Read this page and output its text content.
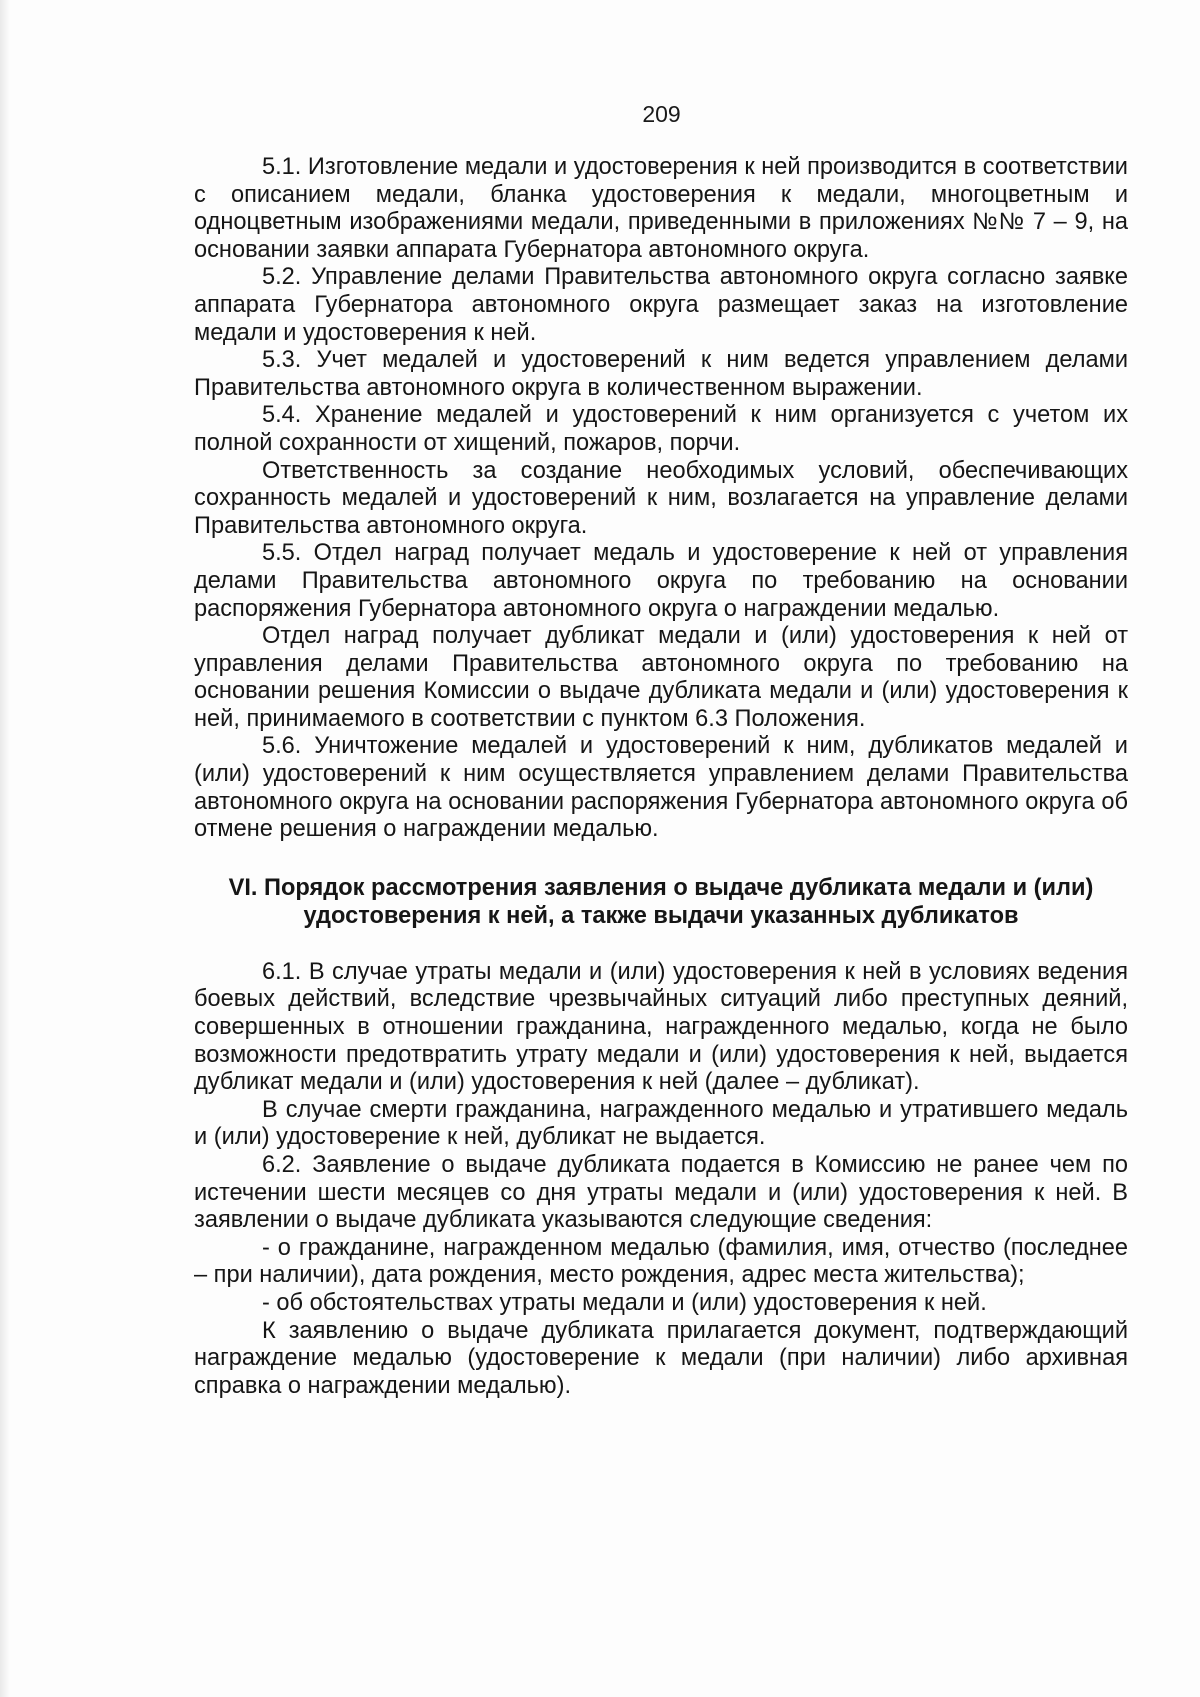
209

5.1. Изготовление медали и удостоверения к ней производится в соответствии с описанием медали, бланка удостоверения к медали, многоцветным и одноцветным изображениями медали, приведенными в приложениях №№ 7 – 9, на основании заявки аппарата Губернатора автономного округа.

5.2. Управление делами Правительства автономного округа согласно заявке аппарата Губернатора автономного округа размещает заказ на изготовление медали и удостоверения к ней.

5.3. Учет медалей и удостоверений к ним ведется управлением делами Правительства автономного округа в количественном выражении.

5.4. Хранение медалей и удостоверений к ним организуется с учетом их полной сохранности от хищений, пожаров, порчи.

Ответственность за создание необходимых условий, обеспечивающих сохранность медалей и удостоверений к ним, возлагается на управление делами Правительства автономного округа.

5.5. Отдел наград получает медаль и удостоверение к ней от управления делами Правительства автономного округа по требованию на основании распоряжения Губернатора автономного округа о награждении медалью.

Отдел наград получает дубликат медали и (или) удостоверения к ней от управления делами Правительства автономного округа по требованию на основании решения Комиссии о выдаче дубликата медали и (или) удостоверения к ней, принимаемого в соответствии с пунктом 6.3 Положения.

5.6. Уничтожение медалей и удостоверений к ним, дубликатов медалей и (или) удостоверений к ним осуществляется управлением делами Правительства автономного округа на основании распоряжения Губернатора автономного округа об отмене решения о награждении медалью.

VI. Порядок рассмотрения заявления о выдаче дубликата медали и (или)
удостоверения к ней, а также выдачи указанных дубликатов

6.1. В случае утраты медали и (или) удостоверения к ней в условиях ведения боевых действий, вследствие чрезвычайных ситуаций либо преступных деяний, совершенных в отношении гражданина, награжденного медалью, когда не было возможности предотвратить утрату медали и (или) удостоверения к ней, выдается дубликат медали и (или) удостоверения к ней (далее – дубликат).

В случае смерти гражданина, награжденного медалью и утратившего медаль и (или) удостоверение к ней, дубликат не выдается.

6.2. Заявление о выдаче дубликата подается в Комиссию не ранее чем по истечении шести месяцев со дня утраты медали и (или) удостоверения к ней. В заявлении о выдаче дубликата указываются следующие сведения:

- о гражданине, награжденном медалью (фамилия, имя, отчество (последнее – при наличии), дата рождения, место рождения, адрес места жительства);

- об обстоятельствах утраты медали и (или) удостоверения к ней.

К заявлению о выдаче дубликата прилагается документ, подтверждающий награждение медалью (удостоверение к медали (при наличии) либо архивная справка о награждении медалью).
